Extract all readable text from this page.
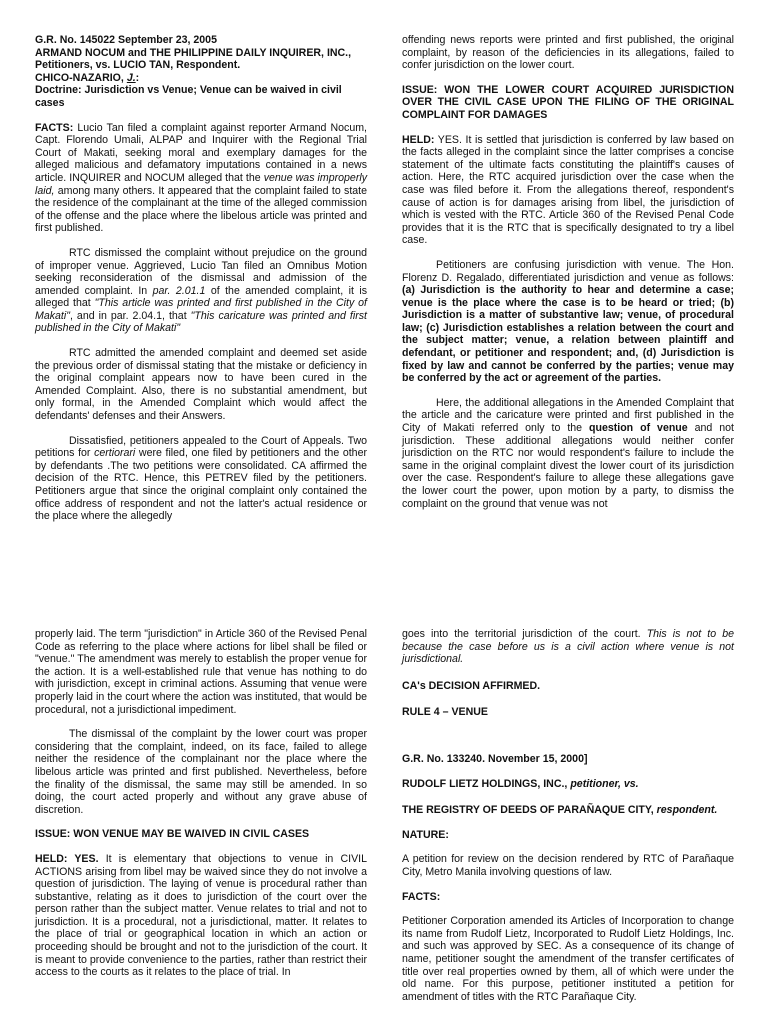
G.R. No. 145022 September 23, 2005

ARMAND NOCUM and THE PHILIPPINE DAILY INQUIRER, INC., Petitioners, vs. LUCIO TAN, Respondent.

CHICO-NAZARIO, J.:

Doctrine: Jurisdiction vs Venue; Venue can be waived in civil cases

FACTS: Lucio Tan filed a complaint against reporter Armand Nocum, Capt. Florendo Umali, ALPAP and Inquirer with the Regional Trial Court of Makati, seeking moral and exemplary damages for the alleged malicious and defamatory imputations contained in a news article. INQUIRER and NOCUM alleged that the venue was improperly laid, among many others. It appeared that the complaint failed to state the residence of the complainant at the time of the alleged commission of the offense and the place where the libelous article was printed and first published.

RTC dismissed the complaint without prejudice on the ground of improper venue. Aggrieved, Lucio Tan filed an Omnibus Motion seeking reconsideration of the dismissal and admission of the amended complaint. In par. 2.01.1 of the amended complaint, it is alleged that "This article was printed and first published in the City of Makati", and in par. 2.04.1, that "This caricature was printed and first published in the City of Makati"

RTC admitted the amended complaint and deemed set aside the previous order of dismissal stating that the mistake or deficiency in the original complaint appears now to have been cured in the Amended Complaint. Also, there is no substantial amendment, but only formal, in the Amended Complaint which would affect the defendants' defenses and their Answers.

Dissatisfied, petitioners appealed to the Court of Appeals. Two petitions for certiorari were filed, one filed by petitioners and the other by defendants .The two petitions were consolidated. CA affirmed the decision of the RTC. Hence, this PETREV filed by the petitioners. Petitioners argue that since the original complaint only contained the office address of respondent and not the latter's actual residence or the place where the allegedly

offending news reports were printed and first published, the original complaint, by reason of the deficiencies in its allegations, failed to confer jurisdiction on the lower court.

ISSUE: WON THE LOWER COURT ACQUIRED JURISDICTION OVER THE CIVIL CASE UPON THE FILING OF THE ORIGINAL COMPLAINT FOR DAMAGES

HELD: YES. It is settled that jurisdiction is conferred by law based on the facts alleged in the complaint since the latter comprises a concise statement of the ultimate facts constituting the plaintiff's causes of action. Here, the RTC acquired jurisdiction over the case when the case was filed before it. From the allegations thereof, respondent's cause of action is for damages arising from libel, the jurisdiction of which is vested with the RTC. Article 360 of the Revised Penal Code provides that it is the RTC that is specifically designated to try a libel case.

Petitioners are confusing jurisdiction with venue. The Hon. Florenz D. Regalado, differentiated jurisdiction and venue as follows: (a) Jurisdiction is the authority to hear and determine a case; venue is the place where the case is to be heard or tried; (b) Jurisdiction is a matter of substantive law; venue, of procedural law; (c) Jurisdiction establishes a relation between the court and the subject matter; venue, a relation between plaintiff and defendant, or petitioner and respondent; and, (d) Jurisdiction is fixed by law and cannot be conferred by the parties; venue may be conferred by the act or agreement of the parties.

Here, the additional allegations in the Amended Complaint that the article and the caricature were printed and first published in the City of Makati referred only to the question of venue and not jurisdiction. These additional allegations would neither confer jurisdiction on the RTC nor would respondent's failure to include the same in the original complaint divest the lower court of its jurisdiction over the case. Respondent's failure to allege these allegations gave the lower court the power, upon motion by a party, to dismiss the complaint on the ground that venue was not

properly laid. The term "jurisdiction" in Article 360 of the Revised Penal Code as referring to the place where actions for libel shall be filed or "venue." The amendment was merely to establish the proper venue for the action. It is a well-established rule that venue has nothing to do with jurisdiction, except in criminal actions. Assuming that venue were properly laid in the court where the action was instituted, that would be procedural, not a jurisdictional impediment.

The dismissal of the complaint by the lower court was proper considering that the complaint, indeed, on its face, failed to allege neither the residence of the complainant nor the place where the libelous article was printed and first published. Nevertheless, before the finality of the dismissal, the same may still be amended. In so doing, the court acted properly and without any grave abuse of discretion.

ISSUE: WON VENUE MAY BE WAIVED IN CIVIL CASES

HELD: YES. It is elementary that objections to venue in CIVIL ACTIONS arising from libel may be waived since they do not involve a question of jurisdiction. The laying of venue is procedural rather than substantive, relating as it does to jurisdiction of the court over the person rather than the subject matter. Venue relates to trial and not to jurisdiction. It is a procedural, not a jurisdictional, matter. It relates to the place of trial or geographical location in which an action or proceeding should be brought and not to the jurisdiction of the court. It is meant to provide convenience to the parties, rather than restrict their access to the courts as it relates to the place of trial. In

goes into the territorial jurisdiction of the court. This is not to be because the case before us is a civil action where venue is not jurisdictional.

CA's DECISION AFFIRMED.

RULE 4 – VENUE

G.R. No. 133240. November 15, 2000]

RUDOLF LIETZ HOLDINGS, INC., petitioner, vs.

THE REGISTRY OF DEEDS OF PARAÑAQUE CITY, respondent.

NATURE:

A petition for review on the decision rendered by RTC of Parañaque City, Metro Manila involving questions of law.

FACTS:

Petitioner Corporation amended its Articles of Incorporation to change its name from Rudolf Lietz, Incorporated to Rudolf Lietz Holdings, Inc. and such was approved by SEC. As a consequence of its change of name, petitioner sought the amendment of the transfer certificates of title over real properties owned by them, all of which were under the old name. For this purpose, petitioner instituted a petition for amendment of titles with the RTC Parañaque City.
